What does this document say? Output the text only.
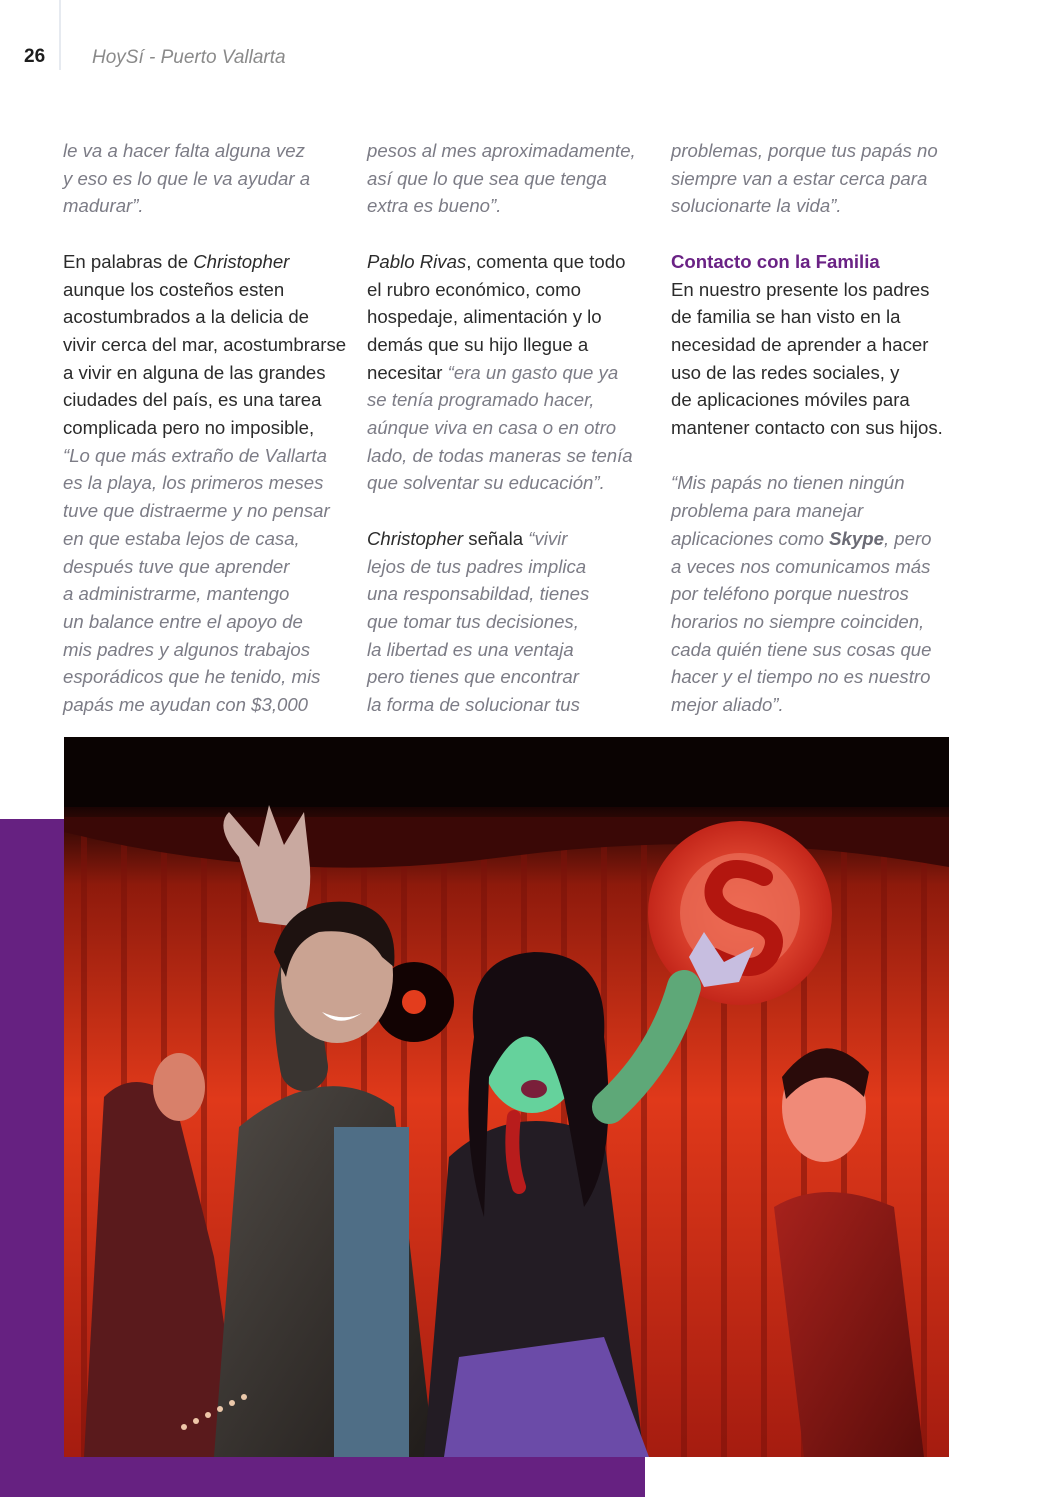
26 HoySí - Puerto Vallarta
le va a hacer falta alguna vez
y eso es lo que le va ayudar a
madurar”.
En palabras de Christopher
aunque los costeños esten
acostumbrados a la delicia de
vivir cerca del mar, acostumbrarse
a vivir en alguna de las grandes
ciudades del país, es una tarea
complicada pero no imposible,
“Lo que más extraño de Vallarta
es la playa, los primeros meses
tuve que distraerme y no pensar
en que estaba lejos de casa,
después tuve que aprender
a administrarme, mantengo
un balance entre el apoyo de
mis padres y algunos trabajos
esporádicos que he tenido, mis
papás me ayudan con $3,000
pesos al mes aproximadamente,
así que lo que sea que tenga
extra es bueno”.
Pablo Rivas, comenta que todo
el rubro económico, como
hospedaje, alimentación y lo
demás que su hijo llegue a
necesitar “era un gasto que ya
se tenía programado hacer,
aúnque viva en casa o en otro
lado, de todas maneras se tenía
que solventar su educación”.
Christopher señala “vivir
lejos de tus padres implica
una responsabildad, tienes
que tomar tus decisiones,
la libertad es una ventaja
pero tienes que encontrar
la forma de solucionar tus
problemas, porque tus papás no
siempre van a estar cerca para
solucionarte la vida”.
Contacto con la Familia
En nuestro presente los padres
de familia se han visto en la
necesidad de aprender a hacer
uso de las redes sociales, y
de aplicaciones móviles para
mantener contacto con sus hijos.
“Mis papás no tienen ningún
problema para manejar
aplicaciones como Skype, pero
a veces nos comunicamos más
por teléfono porque nuestros
horarios no siempre coinciden,
cada quién tiene sus cosas que
hacer y el tiempo no es nuestro
mejor aliado”.
